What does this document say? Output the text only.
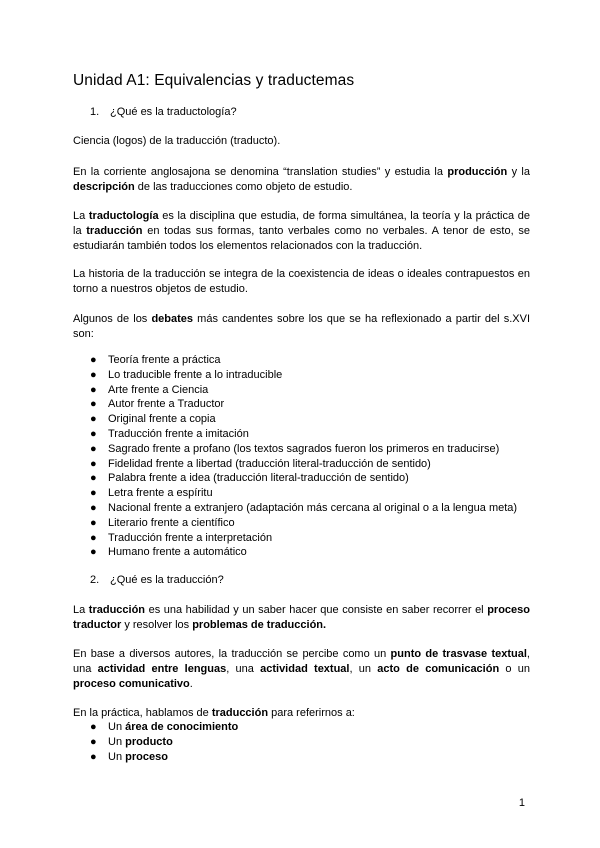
Unidad A1: Equivalencias y traductemas
1. ¿Qué es la traductología?

Ciencia (logos) de la traducción (traducto).

En la corriente anglosajona se denomina “translation studies” y estudia la producción y la descripción de las traducciones como objeto de estudio.

La traductología es la disciplina que estudia, de forma simultánea, la teoría y la práctica de la traducción en todas sus formas, tanto verbales como no verbales. A tenor de esto, se estudiarán también todos los elementos relacionados con la traducción.

La historia de la traducción se integra de la coexistencia de ideas o ideales contrapuestos en torno a nuestros objetos de estudio.

Algunos de los debates más candentes sobre los que se ha reflexionado a partir del s.XVI son:

● Teoría frente a práctica
● Lo traducible frente a lo intraducible
● Arte frente a Ciencia
● Autor frente a Traductor
● Original frente a copia
● Traducción frente a imitación
● Sagrado frente a profano (los textos sagrados fueron los primeros en traducirse)
● Fidelidad frente a libertad (traducción literal-traducción de sentido)
● Palabra frente a idea (traducción literal-traducción de sentido)
● Letra frente a espíritu
● Nacional frente a extranjero (adaptación más cercana al original o a la lengua meta)
● Literario frente a científico
● Traducción frente a interpretación
● Humano frente a automático
2. ¿Qué es la traducción?

La traducción es una habilidad y un saber hacer que consiste en saber recorrer el proceso traductor y resolver los problemas de traducción.

En base a diversos autores, la traducción se percibe como un punto de trasvase textual, una actividad entre lenguas, una actividad textual, un acto de comunicación o un proceso comunicativo.

En la práctica, hablamos de traducción para referirnos a:

● Un área de conocimiento
● Un producto
● Un proceso
1
